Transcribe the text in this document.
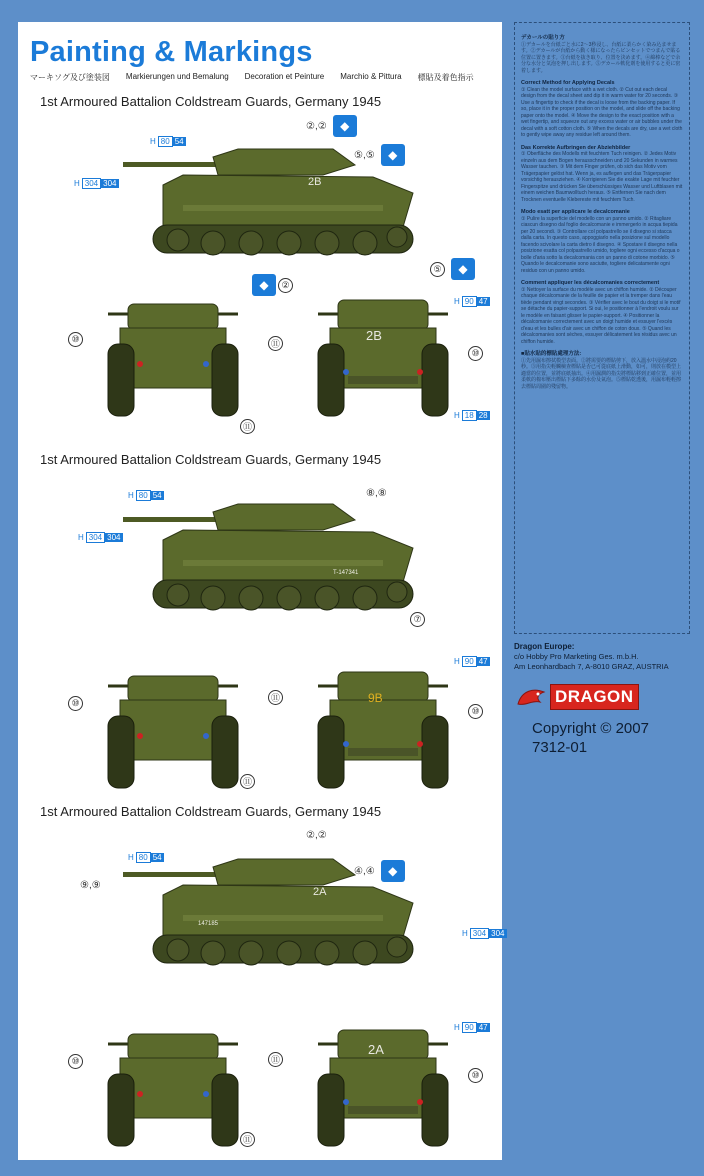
Painting & Markings
マーキソグ及び塗装図 Markierungen und Bemalung Decoration et Peinture Marchio & Pittura 標貼及着色指示
1st Armoured Battalion Coldstream Guards, Germany 1945
2B
②,②	◆
⑤,⑤	◆
H 80 54
H 304 304
⑩
⑪
2B
◆	②
⑤	◆
⑪
⑩
H 90 47
H 18 28
1st Armoured Battalion Coldstream Guards, Germany 1945
T-147341
⑧,⑧
H 80 54
H 304 304
⑩
⑪
9B
⑦
⑪
⑩
H 90 47
1st Armoured Battalion Coldstream Guards, Germany 1945
2A
147185
②,②
④,④	◆
⑨,⑨
H 80 54
H 304 304
⑩
⑪
2A
⑪
⑩
H 90 47
デカールの貼り方

①デカールを台紙ごと水に2〜3秒浸し、台紙に柔らかく染み込ませます。②デカールが台紙から動く様になったらピンセットでつまんで貼る位置に置きます。③台紙を抜き取り、位置を決めます。④綿棒などで余分な水分と気泡を押し出します。⑤デカール軟化剤を使用すると更に密着します。

Correct Method for Applying Decals

① Clean the model surface with a wet cloth. ② Cut out each decal design from the decal sheet and dip it in warm water for 20 seconds. ③ Use a fingertip to check if the decal is loose from the backing paper. If so, place it in the proper position on the model, and slide off the backing paper onto the model. ④ Move the design to the exact position with a wet fingertip, and squeeze out any excess water or air bubbles under the decal with a soft cotton cloth. ⑤ When the decals are dry, use a wet cloth to gently wipe away any residue left around them.

Das Korrekte Aufbringen der Abziehbilder

① Oberfläche des Modells mit feuchtem Tuch reinigen. ② Jedes Motiv einzeln aus dem Bogen herausschneiden und 20 Sekunden in warmes Wasser tauchen. ③ Mit dem Finger prüfen, ob sich das Motiv vom Trägerpapier gelöst hat. Wenn ja, es auflegen und das Trägerpapier vorsichtig herausziehen. ④ Korrigieren Sie die exakte Lage mit feuchter Fingerspitze und drücken Sie überschüssiges Wasser und Luftblasen mit einem weichen Baumwolltuch heraus. ⑤ Entfernen Sie nach dem Trocknen eventuelle Klebereste mit feuchtem Tuch.

Modo esatt per applicare le decalcomanie

① Pulire la superficie del modello con un panno umido. ② Ritagliare ciascun disegno dal foglio decalcomanie e immergerlo in acqua tiepida per 20 secondi. ③ Controllare col polpastrello se il disegno si stacca dalla carta. In questo caso, appoggiarlo nella posizione sul modello facendo scivolare la carta dietro il disegno. ④ Spostare il disegno nella posizione esatta col polpastrello umido, togliere ogni eccesso d'acqua o bolle d'aria sotto la decalcomania con un panno di cotone morbido. ⑤ Quando le decalcomanie sono asciutte, togliere delicatamente ogni residuo con un panno umido.

Comment appliquer les décalcomanies correctement

① Nettoyer la surface du modèle avec un chiffon humide. ② Découper chaque décalcomanie de la feuille de papier et la tremper dans l'eau tiède pendant vingt secondes. ③ Vérifier avec le bout du doigt si le motif se détache du papier-support. Si oui, le positionner à l'endroit voulu sur le modèle en faisant glisser le papier-support. ④ Positionner la décalcomanie correctement avec un doigt humide et essuyer l'excès d'eau et les bulles d'air avec un chiffon de coton doux. ⑤ Quand les décalcomanies sont sèches, essuyer délicatement les résidus avec un chiffon humide.

■貼水貼的標貼處理方法:

①先用濕布擦拭模型表面。②將需要的標貼剪下，放入溫水中浸泡約20秒。③用指尖輕觸檢查標貼是否已可從底紙上滑動，如可，則放在模型上適當的位置，並將底紙抽出。④用濕潤的指尖將標貼移到正確位置，並用柔軟的棉布壓出標貼下多餘的水份及氣泡。⑤標貼乾透後，用濕布輕輕擦去標貼周圍的殘留物。

Dragon Europe:
c/o Hobby Pro Marketing Ges. m.b.H.
Am Leonhardbach 7, A-8010 GRAZ, AUSTRIA
DRAGON
Copyright © 2007
7312-01
